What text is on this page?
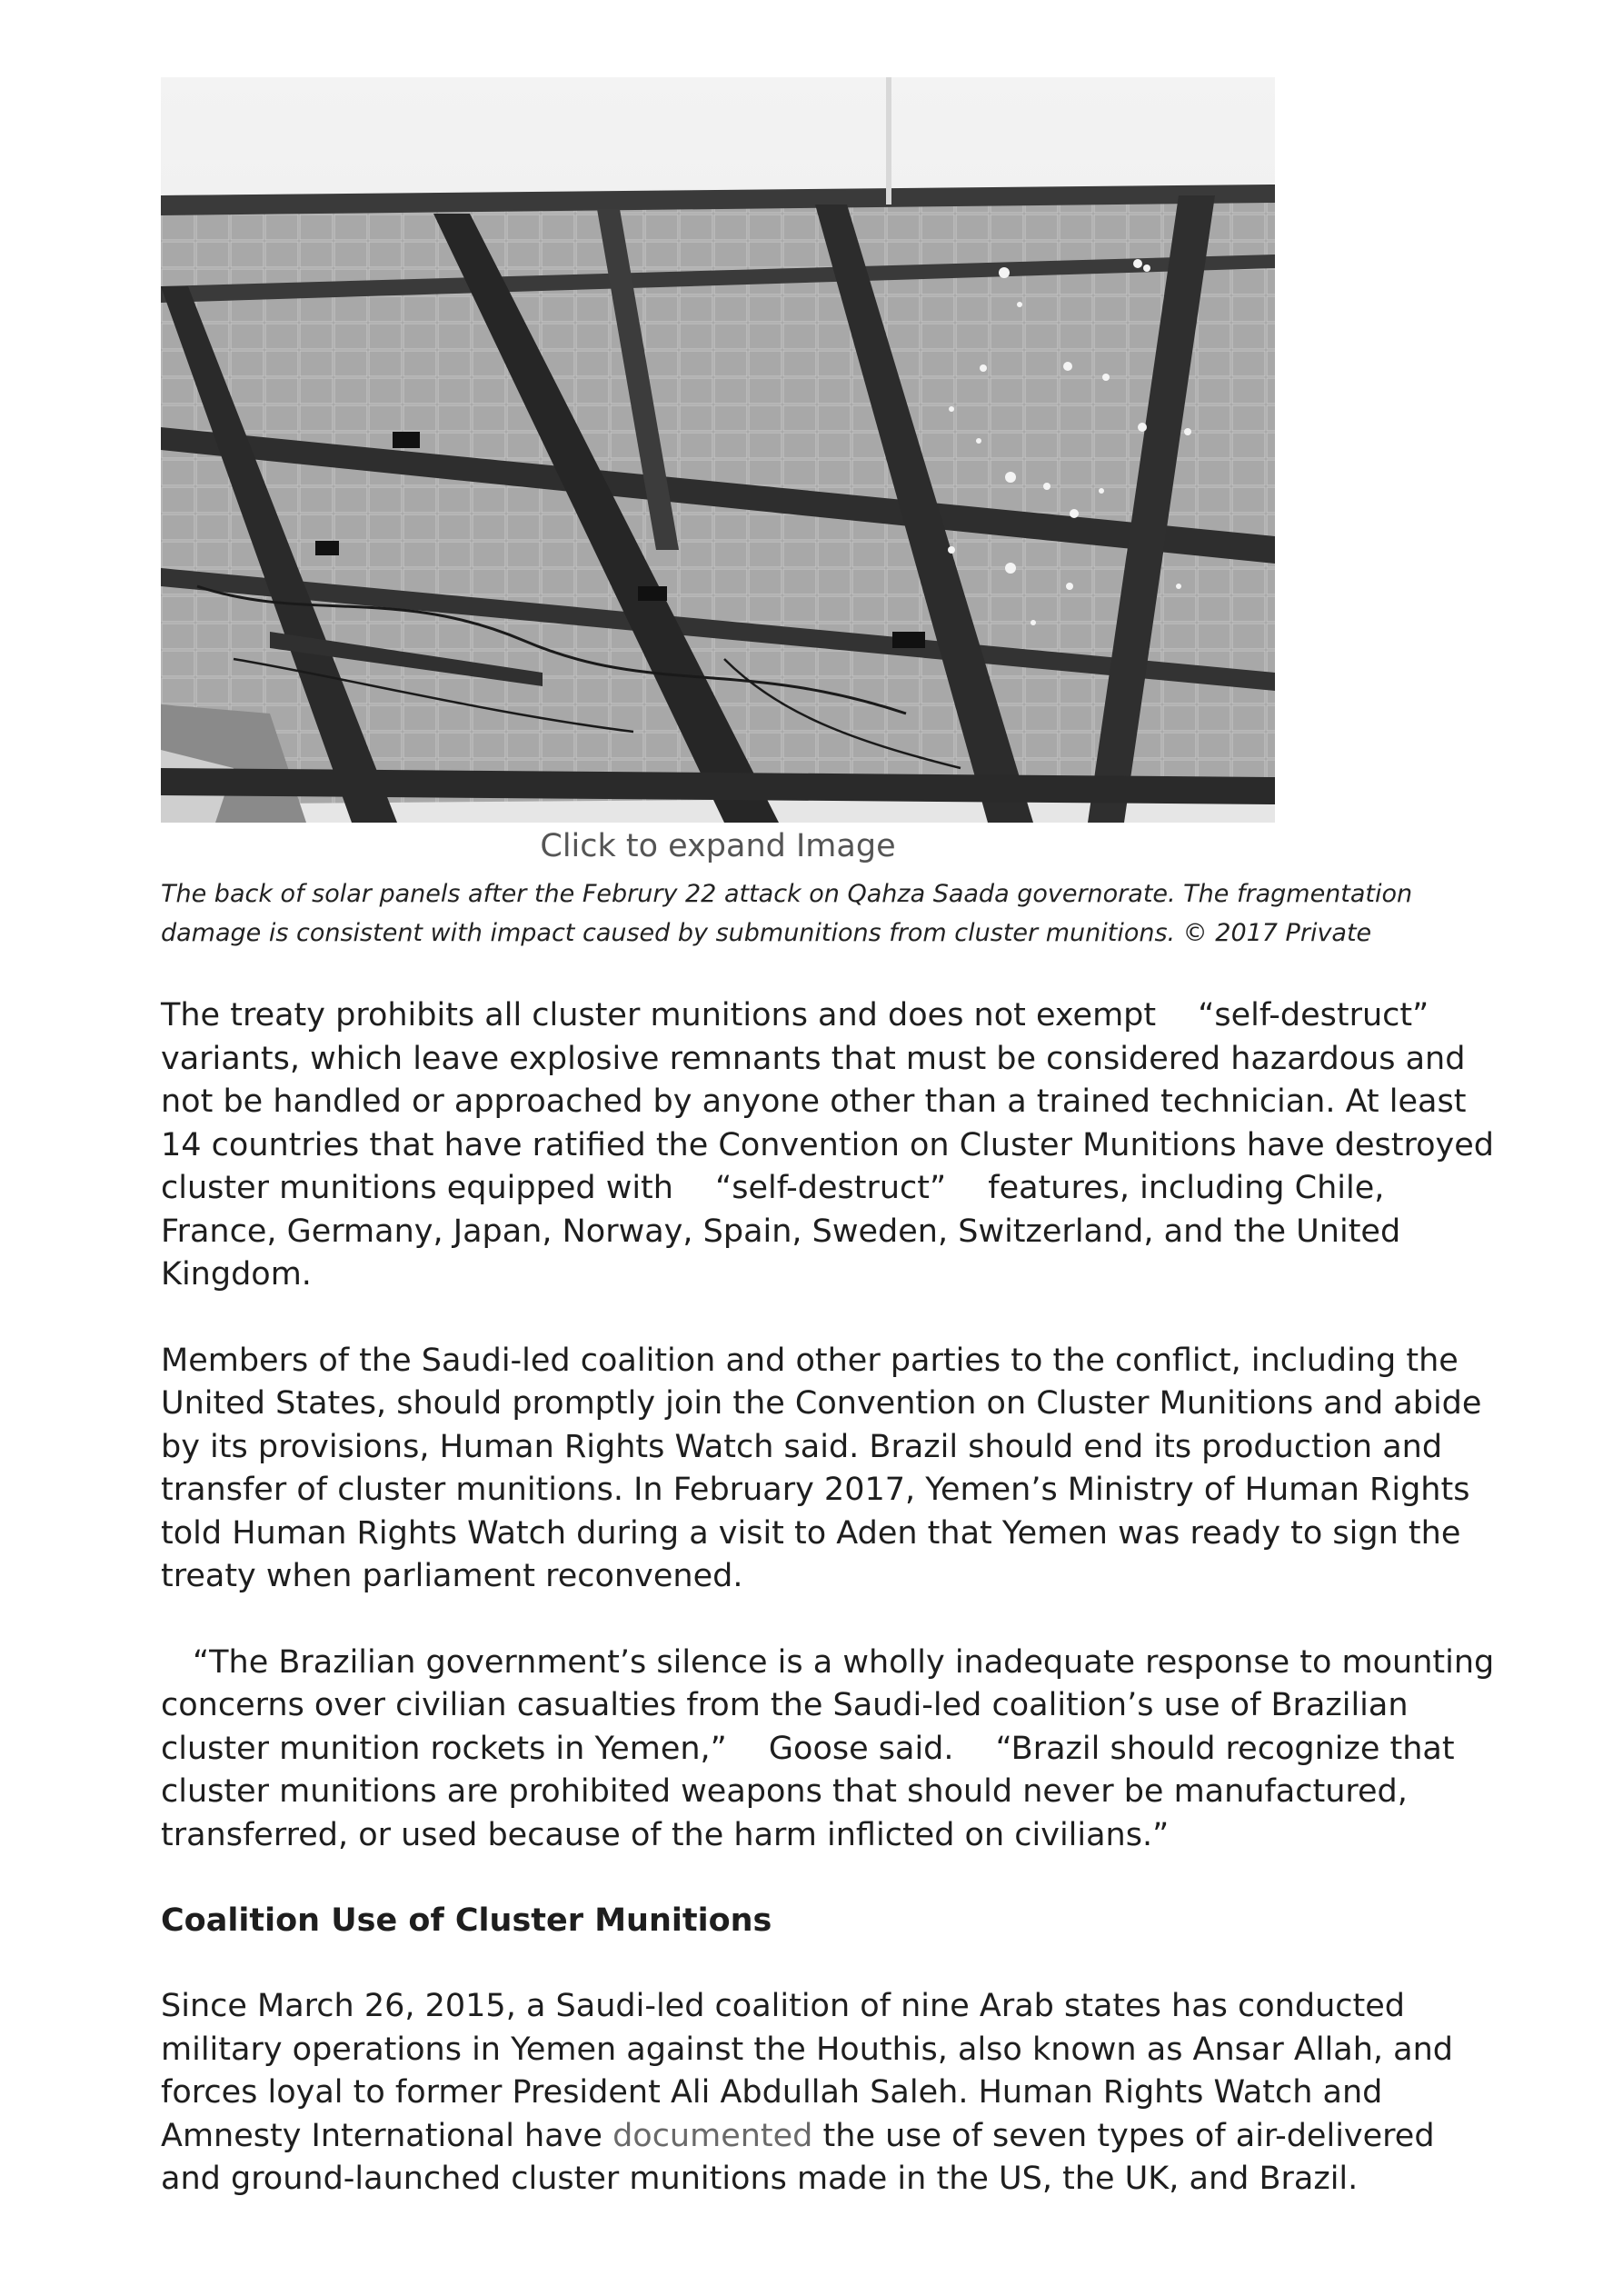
Click to expand Image
The back of solar panels after the Februry 22 attack on Qahza Saada governorate. The fragmentation damage is consistent with impact caused by submunitions from cluster munitions. © 2017 Private

The treaty prohibits all cluster munitions and does not exempt 　“self-destruct” variants, which leave explosive remnants that must be considered hazardous and not be handled or approached by anyone other than a trained technician. At least 14 countries that have ratified the Convention on Cluster Munitions have destroyed cluster munitions equipped with 　“self-destruct” 　features, including Chile, France, Germany, Japan, Norway, Spain, Sweden, Switzerland, and the United Kingdom.

Members of the Saudi-led coalition and other parties to the conflict, including the United States, should promptly join the Convention on Cluster Munitions and abide by its provisions, Human Rights Watch said. Brazil should end its production and transfer of cluster munitions. In February 2017, Yemen’s Ministry of Human Rights told Human Rights Watch during a visit to Aden that Yemen was ready to sign the treaty when parliament reconvened.

　“The Brazilian government’s silence is a wholly inadequate response to mounting concerns over civilian casualties from the Saudi-led coalition’s use of Brazilian cluster munition rockets in Yemen,” 　Goose said. 　“Brazil should recognize that cluster munitions are prohibited weapons that should never be manufactured, transferred, or used because of the harm inflicted on civilians.”

Coalition Use of Cluster Munitions

Since March 26, 2015, a Saudi-led coalition of nine Arab states has conducted military operations in Yemen against the Houthis, also known as Ansar Allah, and forces loyal to former President Ali Abdullah Saleh. Human Rights Watch and Amnesty International have documented the use of seven types of air-delivered and ground-launched cluster munitions made in the US, the UK, and Brazil.
